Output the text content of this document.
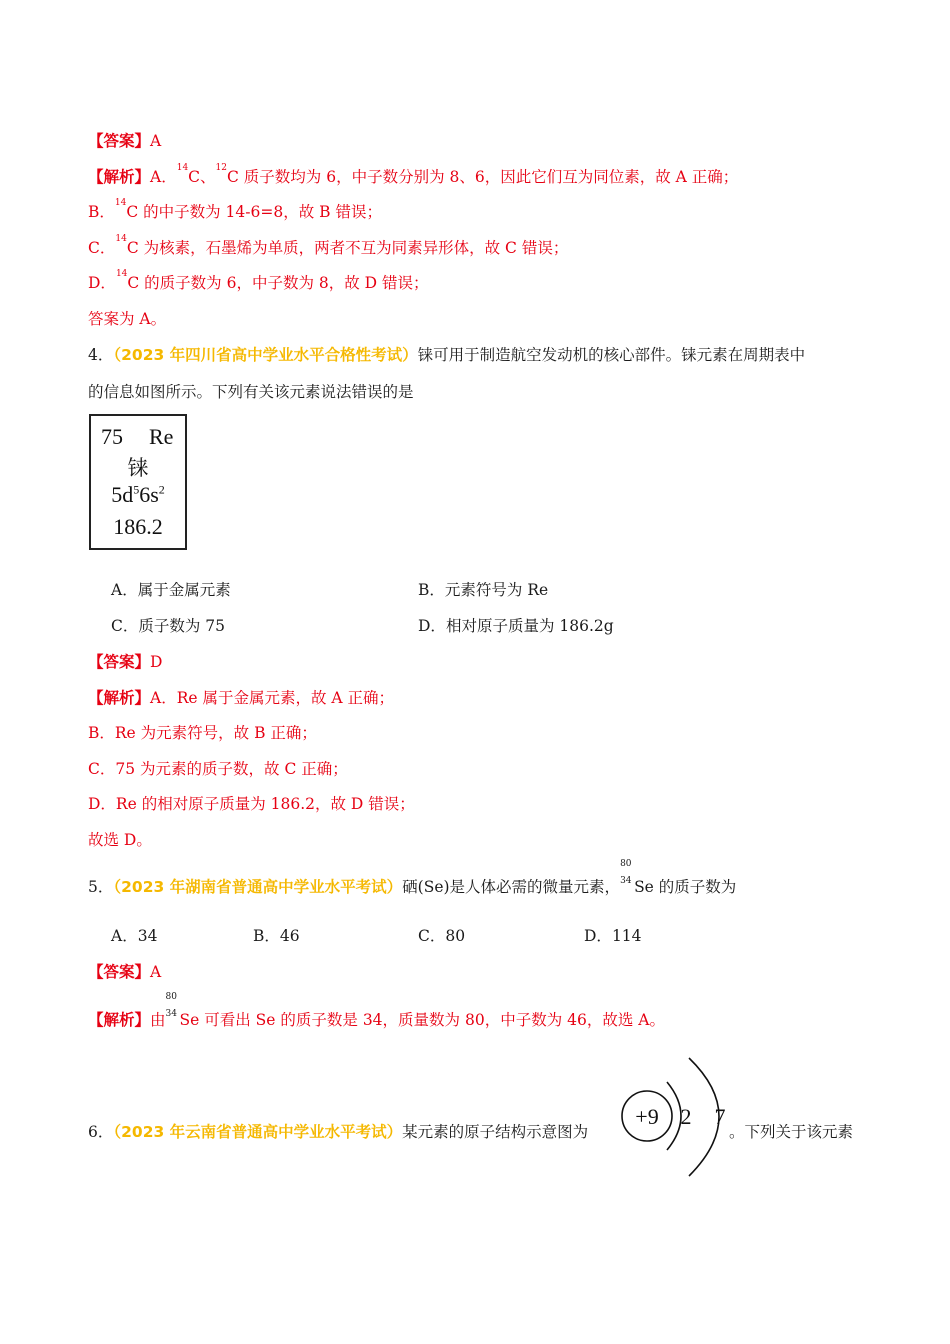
【答案】A
【解析】A．$^{14}$C、$^{12}$C 质子数均为 6，中子数分别为 8、6，因此它们互为同位素，故 A 正确；
B．$^{14}$C 的中子数为 14-6=8，故 B 错误；
C．$^{14}$C 为核素，石墨烯为单质，两者不互为同素异形体，故 C 错误；
D．$^{14}$C 的质子数为 6，中子数为 8，故 D 错误；
答案为 A。
4．（2023 年四川省高中学业水平合格性考试）铼可用于制造航空发动机的核心部件。铼元素在周期表中
的信息如图所示。下列有关该元素说法错误的是
75 Re
铼
$5d^56s^2$
186.2
A．属于金属元素	B．元素符号为 Re
C．质子数为 75	D．相对原子质量为 186.2g
【答案】D
【解析】A．Re 属于金属元素，故 A 正确；
B．Re 为元素符号，故 B 正确；
C．75 为元素的质子数，故 C 正确；
D．Re 的相对原子质量为 186.2，故 D 错误；
故选 D。
5．（2023 年湖南省普通高中学业水平考试）硒(Se)是人体必需的微量元素，
80
34 Se 的质子数为
A．34	B．46	C．80	D．114
【答案】A
【解析】由
80
34 Se 可看出 Se 的质子数是 34，质量数为 80，中子数为 46，故选 A。
6．（2023 年云南省普通高中学业水平考试）某元素的原子结构示意图为
+9 2 7
。下列关于该元素
